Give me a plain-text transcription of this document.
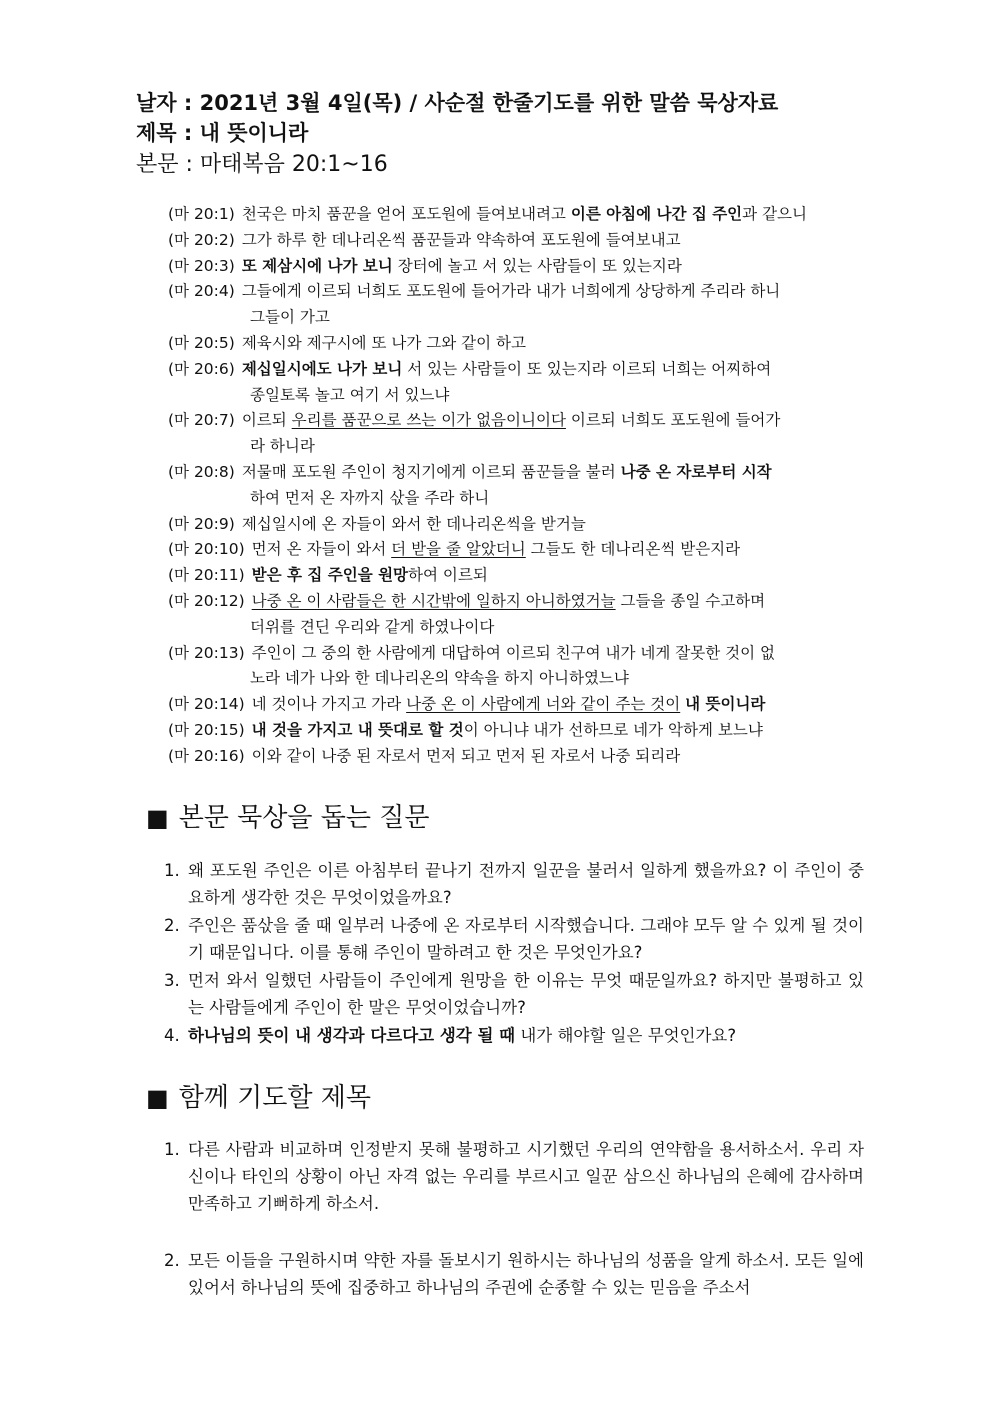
날자 : 2021년 3월 4일(목) / 사순절 한줄기도를 위한 말씀 묵상자료
제목 : 내 뜻이니라
본문 : 마태복음 20:1~16
(마 20:1) 천국은 마치 품꾼을 얻어 포도원에 들여보내려고 이른 아침에 나간 집 주인과 같으니
(마 20:2) 그가 하루 한 데나리온씩 품꾼들과 약속하여 포도원에 들여보내고
(마 20:3) 또 제삼시에 나가 보니 장터에 놀고 서 있는 사람들이 또 있는지라
(마 20:4) 그들에게 이르되 너희도 포도원에 들어가라 내가 너희에게 상당하게 주리라 하니
그들이 가고
(마 20:5) 제육시와 제구시에 또 나가 그와 같이 하고
(마 20:6) 제십일시에도 나가 보니 서 있는 사람들이 또 있는지라 이르되 너희는 어찌하여
종일토록 놀고 여기 서 있느냐
(마 20:7) 이르되 우리를 품꾼으로 쓰는 이가 없음이니이다 이르되 너희도 포도원에 들어가
라 하니라
(마 20:8) 저물매 포도원 주인이 청지기에게 이르되 품꾼들을 불러 나중 온 자로부터 시작
하여 먼저 온 자까지 삯을 주라 하니
(마 20:9) 제십일시에 온 자들이 와서 한 데나리온씩을 받거늘
(마 20:10) 먼저 온 자들이 와서 더 받을 줄 알았더니 그들도 한 데나리온씩 받은지라
(마 20:11) 받은 후 집 주인을 원망하여 이르되
(마 20:12) 나중 온 이 사람들은 한 시간밖에 일하지 아니하였거늘 그들을 종일 수고하며
더위를 견딘 우리와 같게 하였나이다
(마 20:13) 주인이 그 중의 한 사람에게 대답하여 이르되 친구여 내가 네게 잘못한 것이 없
노라 네가 나와 한 데나리온의 약속을 하지 아니하였느냐
(마 20:14) 네 것이나 가지고 가라 나중 온 이 사람에게 너와 같이 주는 것이 내 뜻이니라
(마 20:15) 내 것을 가지고 내 뜻대로 할 것이 아니냐 내가 선하므로 네가 악하게 보느냐
(마 20:16) 이와 같이 나중 된 자로서 먼저 되고 먼저 된 자로서 나중 되리라
■ 본문 묵상을 돕는 질문
1. 왜 포도원 주인은 이른 아침부터 끝나기 전까지 일꾼을 불러서 일하게 했을까요? 이 주인이 중요하게 생각한 것은 무엇이었을까요?
2. 주인은 품삯을 줄 때 일부러 나중에 온 자로부터 시작했습니다. 그래야 모두 알 수 있게 될 것이기 때문입니다. 이를 통해 주인이 말하려고 한 것은 무엇인가요?
3. 먼저 와서 일했던 사람들이 주인에게 원망을 한 이유는 무엇 때문일까요? 하지만 불평하고 있는 사람들에게 주인이 한 말은 무엇이었습니까?
4. 하나님의 뜻이 내 생각과 다르다고 생각 될 때 내가 해야할 일은 무엇인가요?
■ 함께 기도할 제목
1. 다른 사람과 비교하며 인정받지 못해 불평하고 시기했던 우리의 연약함을 용서하소서. 우리 자신이나 타인의 상황이 아닌 자격 없는 우리를 부르시고 일꾼 삼으신 하나님의 은혜에 감사하며 만족하고 기뻐하게 하소서.
2. 모든 이들을 구원하시며 약한 자를 돌보시기 원하시는 하나님의 성품을 알게 하소서. 모든 일에 있어서 하나님의 뜻에 집중하고 하나님의 주권에 순종할 수 있는 믿음을 주소서
